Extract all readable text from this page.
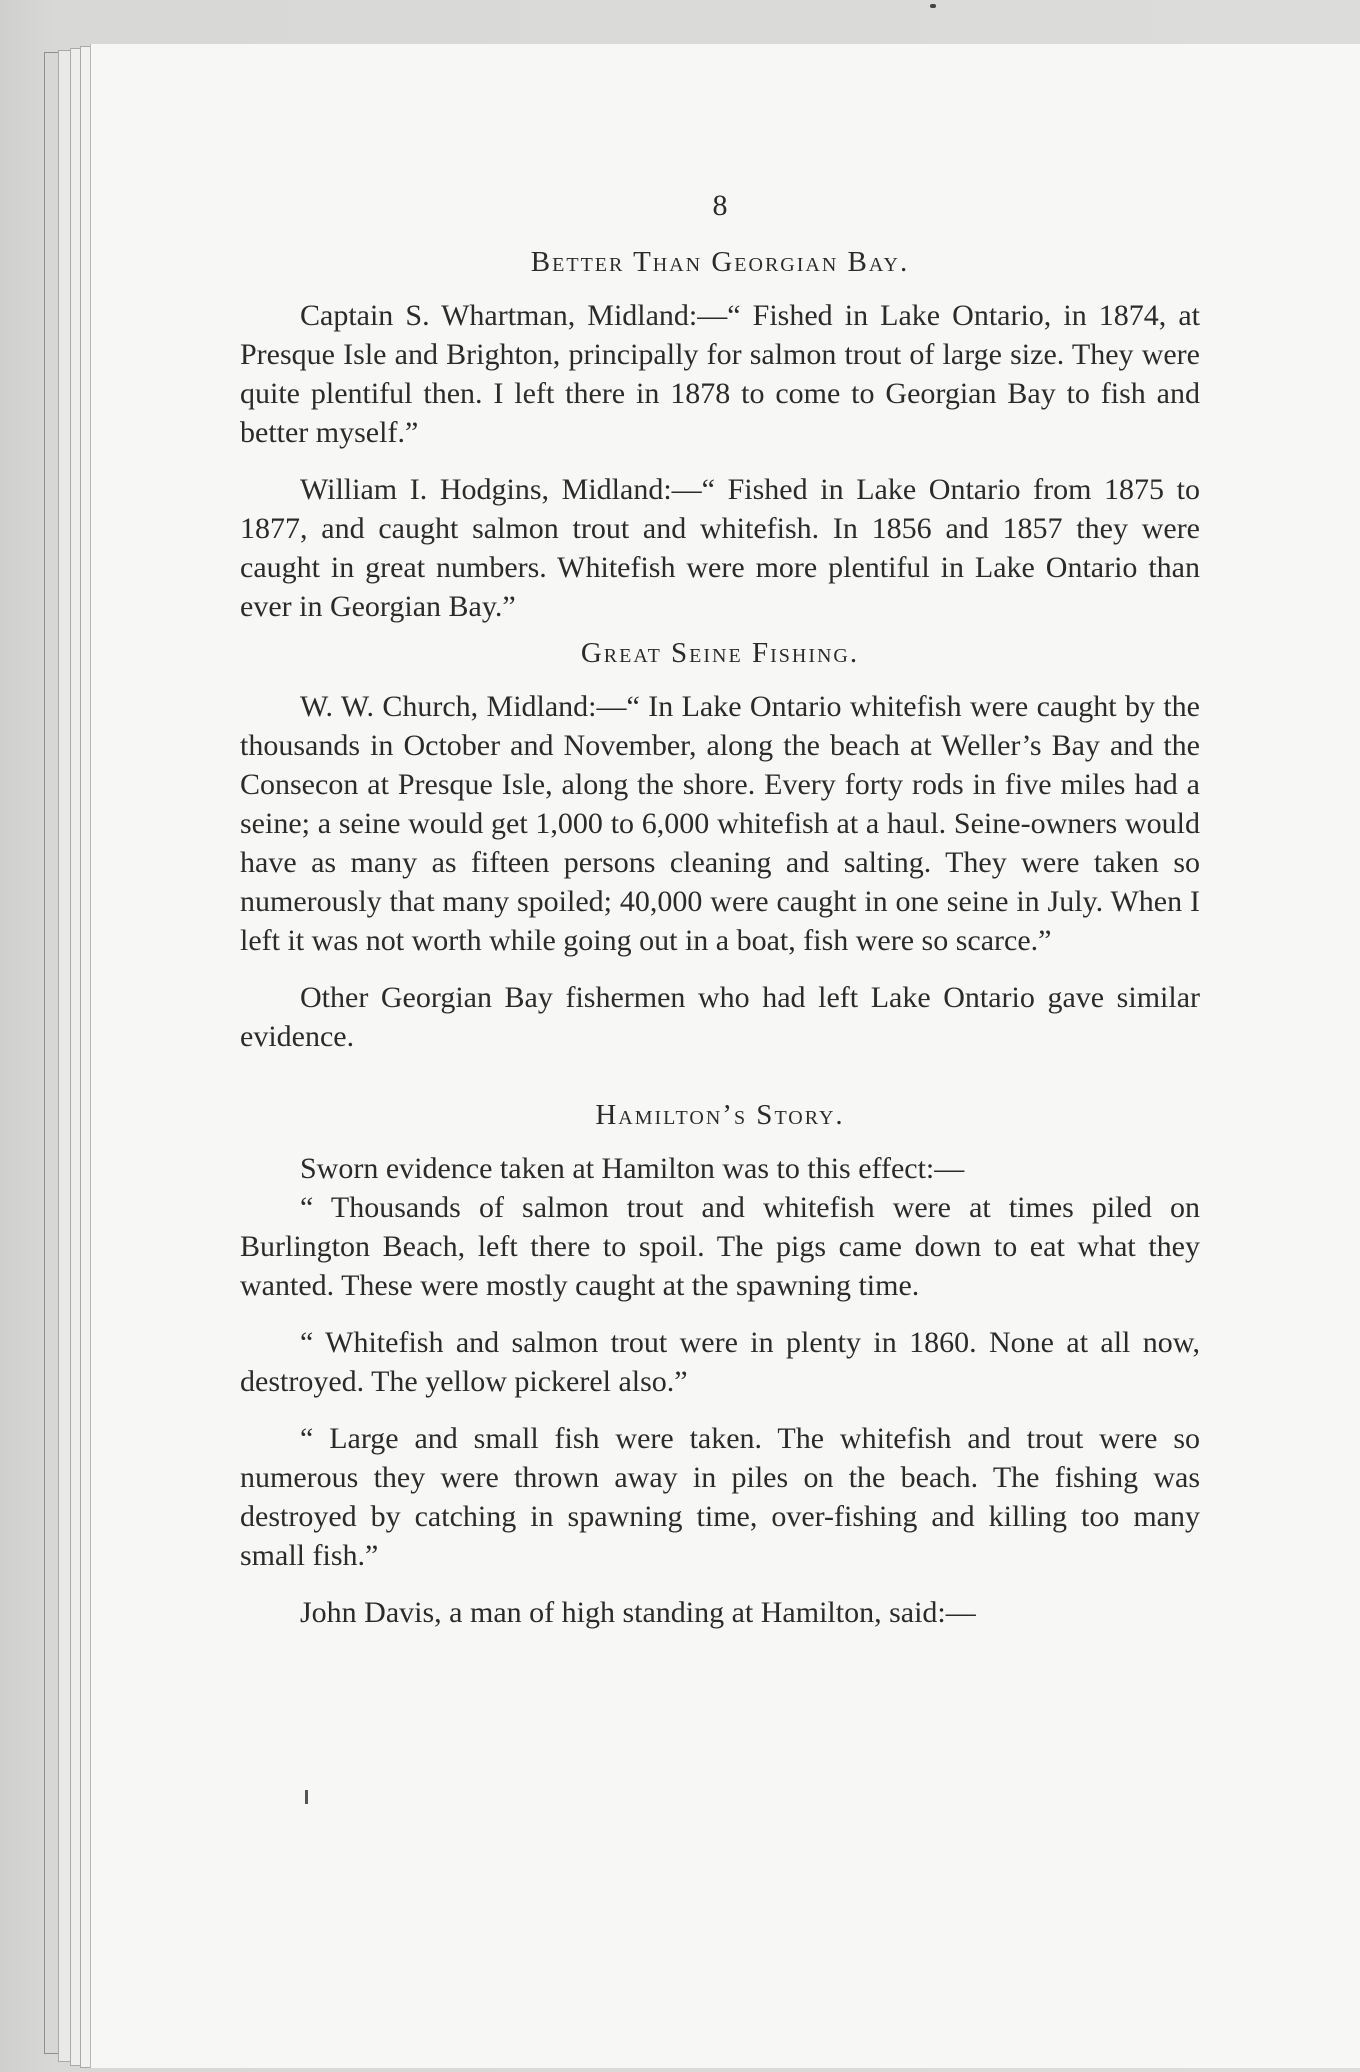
8
Better Than Georgian Bay.

Captain S. Whartman, Midland:—“ Fished in Lake Ontario, in 1874, at Presque Isle and Brighton, principally for salmon trout of large size. They were quite plentiful then. I left there in 1878 to come to Georgian Bay to fish and better myself.”

William I. Hodgins, Midland:—“ Fished in Lake Ontario from 1875 to 1877, and caught salmon trout and whitefish. In 1856 and 1857 they were caught in great numbers. Whitefish were more plentiful in Lake Ontario than ever in Georgian Bay.”

Great Seine Fishing.

W. W. Church, Midland:—“ In Lake Ontario whitefish were caught by the thousands in October and November, along the beach at Weller’s Bay and the Consecon at Presque Isle, along the shore. Every forty rods in five miles had a seine; a seine would get 1,000 to 6,000 whitefish at a haul. Seine-owners would have as many as fifteen persons cleaning and salting. They were taken so numerously that many spoiled; 40,000 were caught in one seine in July. When I left it was not worth while going out in a boat, fish were so scarce.”

Other Georgian Bay fishermen who had left Lake Ontario gave similar evidence.

Hamilton’s Story.

Sworn evidence taken at Hamilton was to this effect:—

“ Thousands of salmon trout and whitefish were at times piled on Burlington Beach, left there to spoil. The pigs came down to eat what they wanted. These were mostly caught at the spawning time.

“ Whitefish and salmon trout were in plenty in 1860. None at all now, destroyed. The yellow pickerel also.”

“ Large and small fish were taken. The whitefish and trout were so numerous they were thrown away in piles on the beach. The fishing was destroyed by catching in spawning time, over-fishing and killing too many small fish.”

John Davis, a man of high standing at Hamilton, said:—
